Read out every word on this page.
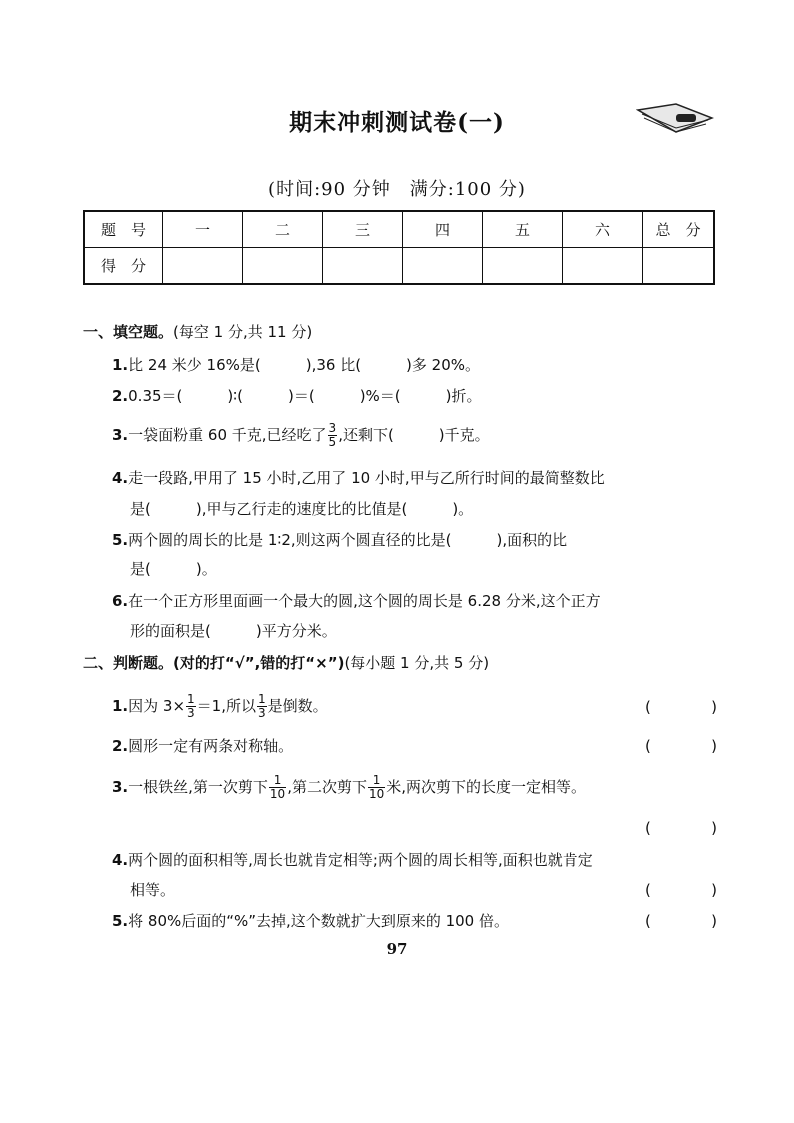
期末冲刺测试卷(一)
(时间:90 分钟　满分:100 分)
题　号	一	二	三	四	五	六	总　分
得　分							
一、填空题。(每空 1 分,共 11 分)
1.比 24 米少 16%是(　　　),36 比(　　　)多 20%。
2.0.35＝(　　　)∶(　　　)＝(　　　)%＝(　　　)折。
3.一袋面粉重 60 千克,已经吃了 $\frac{3}{5}$ ,还剩下(　　　)千克。
4.走一段路,甲用了 15 小时,乙用了 10 小时,甲与乙所行时间的最简整数比
是(　　　),甲与乙行走的速度比的比值是(　　　)。
5.两个圆的周长的比是 1∶2,则这两个圆直径的比是(　　　),面积的比
是(　　　)。
6.在一个正方形里面画一个最大的圆,这个圆的周长是 6.28 分米,这个正方
形的面积是(　　　)平方分米。
二、判断题。(对的打“√”,错的打“×”)(每小题 1 分,共 5 分)
1.因为 $3\times \frac{1}{3} =1$,所以 $\frac{1}{3}$ 是倒数。	(	)
2.圆形一定有两条对称轴。	(	)
3.一根铁丝,第一次剪下 $\frac{1}{10}$ ,第二次剪下 $\frac{1}{10}$ 米,两次剪下的长度一定相等。
(	)
4.两个圆的面积相等,周长也就肯定相等;两个圆的周长相等,面积也就肯定
相等。	(	)
5.将 80%后面的“%”去掉,这个数就扩大到原来的 100 倍。	(	)
97
